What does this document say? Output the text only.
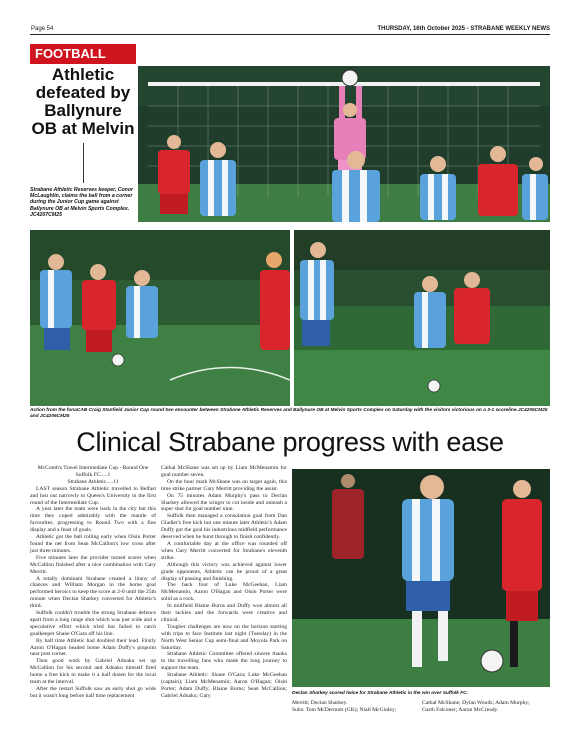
Page 54	THURSDAY, 16th October 2025 - STRABANE WEEKLY NEWS
FOOTBALL
Athletic defeated by Ballynure OB at Melvin
Strabane Athletic Reserves keeper, Conor McLaughlin, claims the ball from a corner during the Junior Cup game against Ballynure OB at Melvin Sports Complex. JC4207CM25
Action from the fonaCAB Craig Stanfield Junior Cup round two encounter between Strabane Athletic Reserves and Ballynure OB at Melvin Sports Complex on Saturday with the visitors victorious on a 3-1 scoreline.JC4205CM25 and JC4206CM25
Clinical Strabane progress with ease

McComb's Travel Intermediate Cup - Round One

Suffolk FC.....1

Strabane Athletic.....11

LAST season Strabane Athletic travelled to Belfast and lost out narrowly to Queen's University in the first round of the Intermediate Cup.

A year later the team were back in the city but this time they coped admirably with the mantle of favourites, progressing to Round Two with a fine display and a feast of goals.

Athletic got the ball rolling early when Oisin Porter found the net from Sean McCallion's low cross after just three minutes.

Five minutes later the provider turned scorer when McCallion finished after a nice combination with Gary Merritt.

A totally dominant Strabane created a litany of chances and William Morgan in the home goal performed heroics to keep the score at 2-0 until the 25th minute when Declan Sharkey converted for Athletic's third.

Suffolk couldn't trouble the strong Strabane defence apart from a long range shot which was just wide and a speculative effort which tried but failed to catch goalkeeper Shane O'Gara off his line.

By half time Athletic had doubled their lead. Firstly Aaron O'Hagan headed home Adam Duffy's pinpoint near post corner.

Then good work by Gabriel Adnaku set up McCallion for his second and Adnaku himself fired home a free kick to make it a half dozen for the local team at the interval.

After the restart Suffolk saw an early shot go wide but it wasn't long before half time replacement

Cathal McShane was set up by Liam McMenamin for goal number seven.

On the hour mark McShane was on target again, this time strike partner Gary Merritt providing the assist.

On 75 minutes Adam Murphy's pass to Declan Sharkey allowed the winger to cut inside and unleash a super shot for goal number nine.

Suffolk then managed a consolation goal from Dan Gladier's free kick but one minute later Athletic's Adam Duffy got the goal his industrious midfield performance deserved when he burst through to finish confidently.

A comfortable day at the office was rounded off when Gary Merritt converted for Strabane's eleventh strike.

Although this victory was achieved against lower grade opponents, Athletic can be proud of a great display of passing and finishing.

The back four of Luke McGeehan, Liam McMenamin, Aaron O'Hagan and Oisin Porter were solid as a rock.

In midfield Blaine Burns and Duffy won almost all their tackles and the forwards were creative and clinical.

Tougher challenges are now on the horizon starting with trips to face Institute last night (Tuesday) in the North West Senior Cup semi-final and Moyola Park on Saturday.

Strabane Athletic Committee offered sincere thanks to the travelling fans who made the long journey to support the team.

Strabane Athletic: Shane O'Gara; Luke McGeehan (captain); Liam McMenamin; Aaron O'Hagan; Oisin Porter; Adam Duffy; Blaine Burns; Sean McCallion; Gabriel Adnaku; Gary	Declan Sharkey scored twice for Strabane Athletic in the win over Suffolk FC.

Merritt; Declan Sharkey.

Subs: Tom McDermott (GK); Niall McGinley;

Cathal McShane; Dylan Woods; Adam Murphy;

Garth Falconer; Aaron McCready.
